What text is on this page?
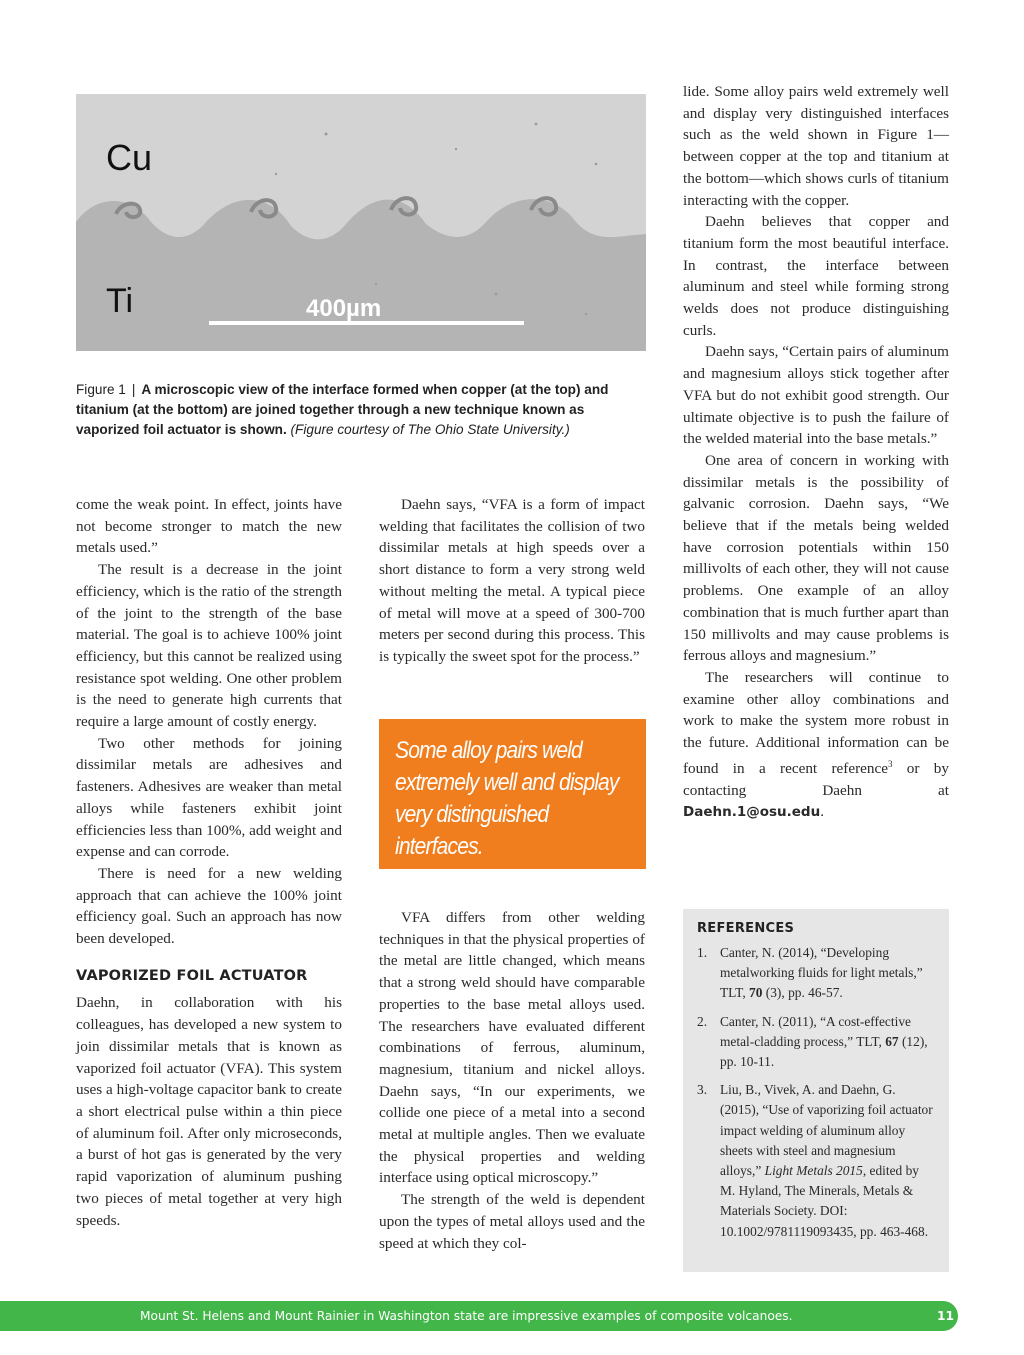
Cu
Ti	400µm
Figure 1 | A microscopic view of the interface formed when copper (at the top) and titanium (at the bottom) are joined together through a new technique known as vaporized foil actuator is shown. (Figure courtesy of The Ohio State University.)

come the weak point. In effect, joints have not become stronger to match the new metals used.”

The result is a decrease in the joint efficiency, which is the ratio of the strength of the joint to the strength of the base material. The goal is to achieve 100% joint efficiency, but this cannot be realized using resistance spot welding. One other problem is the need to generate high currents that require a large amount of costly energy.

Two other methods for joining dissimilar metals are adhesives and fasteners. Adhesives are weaker than metal alloys while fasteners exhibit joint efficiencies less than 100%, add weight and expense and can corrode.

There is need for a new welding approach that can achieve the 100% joint efficiency goal. Such an approach has now been developed.

VAPORIZED FOIL ACTUATOR

Daehn, in collaboration with his colleagues, has developed a new system to join dissimilar metals that is known as vaporized foil actuator (VFA). This system uses a high-voltage capacitor bank to create a short electrical pulse within a thin piece of aluminum foil. After only microseconds, a burst of hot gas is generated by the very rapid vaporization of aluminum pushing two pieces of metal together at very high speeds.

Daehn says, “VFA is a form of impact welding that facilitates the collision of two dissimilar metals at high speeds over a short distance to form a very strong weld without melting the metal. A typical piece of metal will move at a speed of 300-700 meters per second during this process. This is typically the sweet spot for the process.”

Some alloy pairs weld extremely well and display very distinguished interfaces.

VFA differs from other welding techniques in that the physical properties of the metal are little changed, which means that a strong weld should have comparable properties to the base metal alloys used. The researchers have evaluated different combinations of ferrous, aluminum, magnesium, titanium and nickel alloys. Daehn says, “In our experiments, we collide one piece of a metal into a second metal at multiple angles. Then we evaluate the physical properties and welding interface using optical microscopy.”

The strength of the weld is dependent upon the types of metal alloys used and the speed at which they col-

lide. Some alloy pairs weld extremely well and display very distinguished interfaces such as the weld shown in Figure 1—between copper at the top and titanium at the bottom—which shows curls of titanium interacting with the copper.

Daehn believes that copper and titanium form the most beautiful interface. In contrast, the interface between aluminum and steel while forming strong welds does not produce distinguishing curls.

Daehn says, “Certain pairs of aluminum and magnesium alloys stick together after VFA but do not exhibit good strength. Our ultimate objective is to push the failure of the welded material into the base metals.”

One area of concern in working with dissimilar metals is the possibility of galvanic corrosion. Daehn says, “We believe that if the metals being welded have corrosion potentials within 150 millivolts of each other, they will not cause problems. One example of an alloy combination that is much further apart than 150 millivolts and may cause problems is ferrous alloys and magnesium.”

The researchers will continue to examine other alloy combinations and work to make the system more robust in the future. Additional information can be found in a recent reference$^3$ or by contacting Daehn at Daehn.1@osu.edu.

REFERENCES
1. Canter, N. (2014), “Developing metalworking fluids for light metals,” TLT, 70 (3), pp. 46-57.
2. Canter, N. (2011), “A cost-effective metal-cladding process,” TLT, 67 (12), pp. 10-11.
3. Liu, B., Vivek, A. and Daehn, G. (2015), “Use of vaporizing foil actuator impact welding of aluminum alloy sheets with steel and magnesium alloys,” Light Metals 2015, edited by M. Hyland, The Minerals, Metals & Materials Society. DOI: 10.1002/9781119093435, pp. 463-468.
Mount St. Helens and Mount Rainier in Washington state are impressive examples of composite volcanoes.	11
